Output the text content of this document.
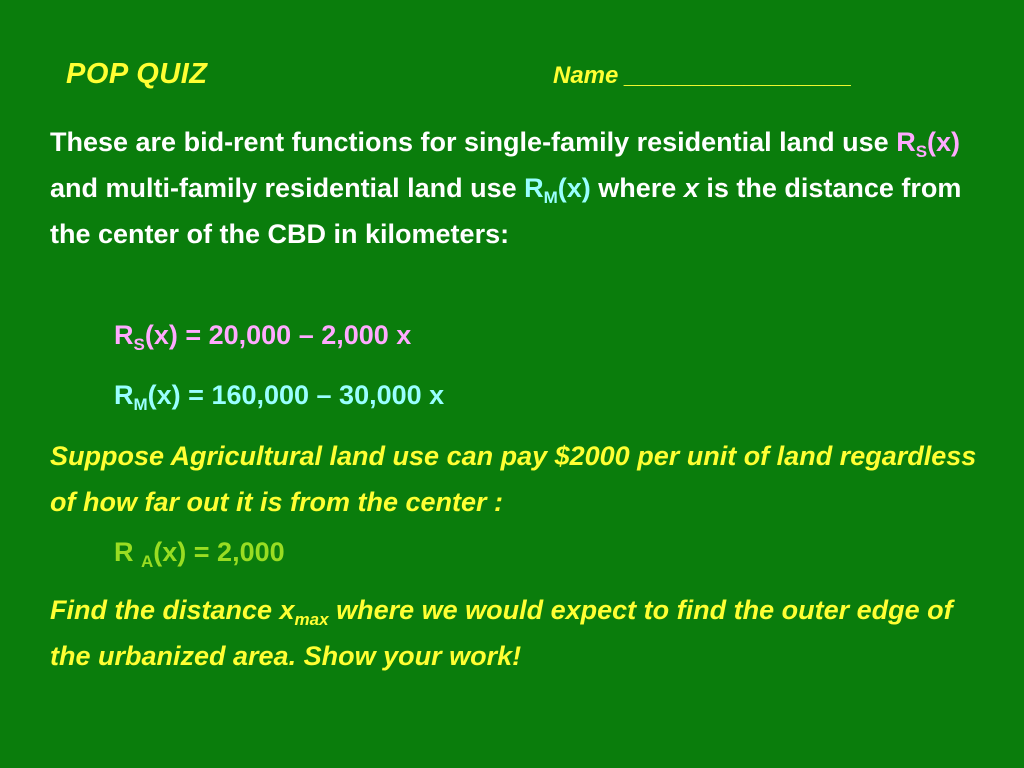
POP QUIZ	Name _________________
These are bid-rent functions for single-family residential land use $R_S(x)$ and multi-family residential land use $R_M(x)$ where x is the distance from the center of the CBD in kilometers:
$R_S(x) = 20,000 - 2,000$ x
$R_M(x) = 160,000 - 30,000$ x
Suppose Agricultural land use can pay $2000 per unit of land regardless of how far out it is from the center :
R $_A$(x) = 2,000
Find the distance $x_{max}$ where we would expect to find the outer edge of the urbanized area. Show your work!
